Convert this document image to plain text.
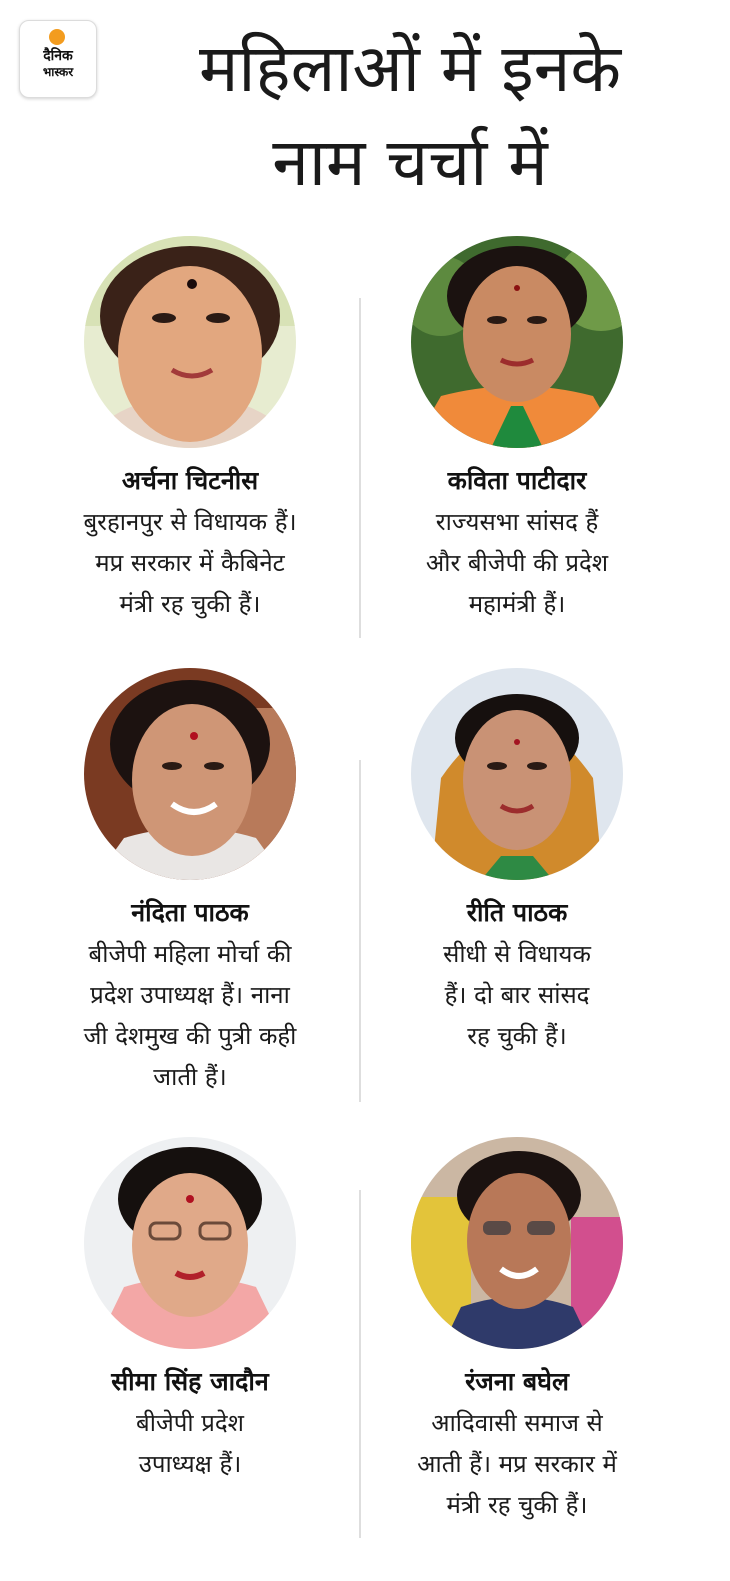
दैनिक
भास्कर	महिलाओं में इनके
नाम चर्चा में
अर्चना चिटनीस
बुरहानपुर से विधायक हैं।
मप्र सरकार में कैबिनेट
मंत्री रह चुकी हैं।
कविता पाटीदार
राज्यसभा सांसद हैं
और बीजेपी की प्रदेश
महामंत्री हैं।
नंदिता पाठक
बीजेपी महिला मोर्चा की
प्रदेश उपाध्यक्ष हैं। नाना
जी देशमुख की पुत्री कही
जाती हैं।
रीति पाठक
सीधी से विधायक
हैं। दो बार सांसद
रह चुकी हैं।
सीमा सिंह जादौन
बीजेपी प्रदेश
उपाध्यक्ष हैं।
रंजना बघेल
आदिवासी समाज से
आती हैं। मप्र सरकार में
मंत्री रह चुकी हैं।
